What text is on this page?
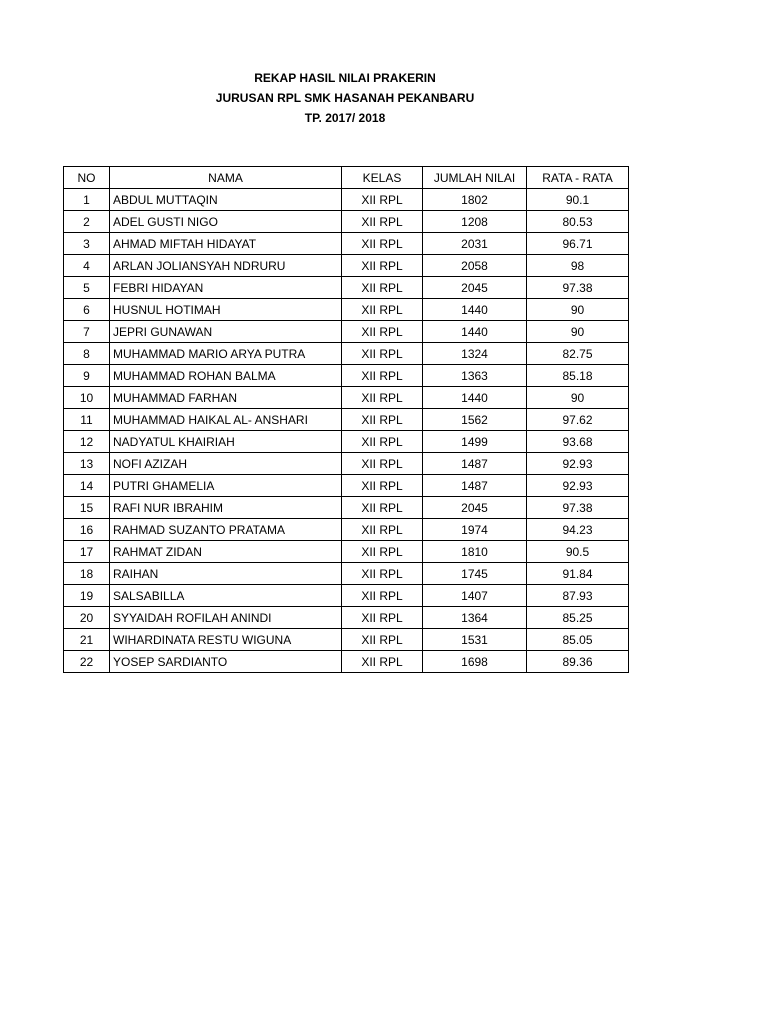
REKAP HASIL NILAI PRAKERIN
JURUSAN RPL SMK HASANAH PEKANBARU
TP. 2017/ 2018
NO	NAMA	KELAS	JUMLAH NILAI	RATA - RATA
1	ABDUL MUTTAQIN	XII RPL	1802	90.1
2	ADEL GUSTI NIGO	XII RPL	1208	80.53
3	AHMAD MIFTAH HIDAYAT	XII RPL	2031	96.71
4	ARLAN JOLIANSYAH NDRURU	XII RPL	2058	98
5	FEBRI HIDAYAN	XII RPL	2045	97.38
6	HUSNUL HOTIMAH	XII RPL	1440	90
7	JEPRI GUNAWAN	XII RPL	1440	90
8	MUHAMMAD MARIO ARYA PUTRA	XII RPL	1324	82.75
9	MUHAMMAD ROHAN BALMA	XII RPL	1363	85.18
10	MUHAMMAD FARHAN	XII RPL	1440	90
11	MUHAMMAD HAIKAL AL- ANSHARI	XII RPL	1562	97.62
12	NADYATUL KHAIRIAH	XII RPL	1499	93.68
13	NOFI AZIZAH	XII RPL	1487	92.93
14	PUTRI GHAMELIA	XII RPL	1487	92.93
15	RAFI NUR IBRAHIM	XII RPL	2045	97.38
16	RAHMAD SUZANTO PRATAMA	XII RPL	1974	94.23
17	RAHMAT ZIDAN	XII RPL	1810	90.5
18	RAIHAN	XII RPL	1745	91.84
19	SALSABILLA	XII RPL	1407	87.93
20	SYYAIDAH ROFILAH ANINDI	XII RPL	1364	85.25
21	WIHARDINATA RESTU WIGUNA	XII RPL	1531	85.05
22	YOSEP SARDIANTO	XII RPL	1698	89.36
